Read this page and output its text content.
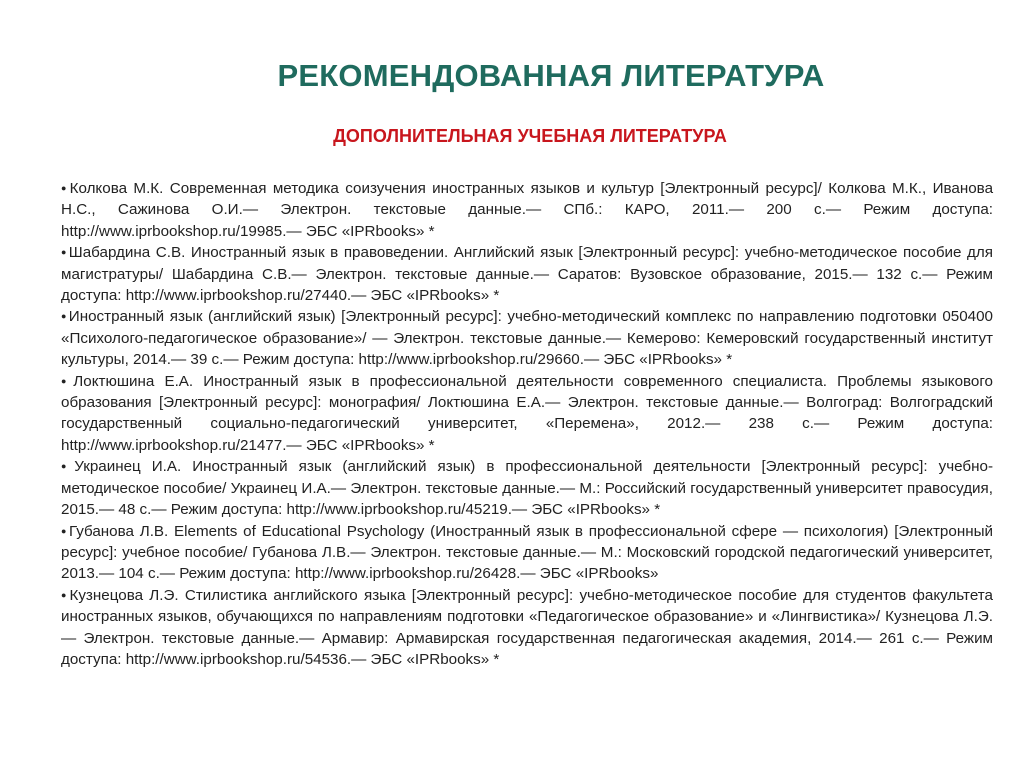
РЕКОМЕНДОВАННАЯ ЛИТЕРАТУРА
ДОПОЛНИТЕЛЬНАЯ УЧЕБНАЯ ЛИТЕРАТУРА
●Колкова М.К. Современная методика соизучения иностранных языков и культур [Электронный ресурс]/ Колкова М.К., Иванова Н.С., Сажинова О.И.— Электрон. текстовые данные.— СПб.: КАРО, 2011.— 200 с.— Режим доступа: http://www.iprbookshop.ru/19985.— ЭБС «IPRbooks» *
●Шабардина С.В. Иностранный язык в правоведении. Английский язык [Электронный ресурс]: учебно-методическое пособие для магистратуры/ Шабардина С.В.— Электрон. текстовые данные.— Саратов: Вузовское образование, 2015.— 132 с.— Режим доступа: http://www.iprbookshop.ru/27440.— ЭБС «IPRbooks» *
●Иностранный язык (английский язык) [Электронный ресурс]: учебно-методический комплекс по направлению подготовки 050400 «Психолого-педагогическое образование»/ — Электрон. текстовые данные.— Кемерово: Кемеровский государственный институт культуры, 2014.— 39 с.— Режим доступа: http://www.iprbookshop.ru/29660.— ЭБС «IPRbooks» *
●Локтюшина Е.А. Иностранный язык в профессиональной деятельности современного специалиста. Проблемы языкового образования [Электронный ресурс]: монография/ Локтюшина Е.А.— Электрон. текстовые данные.— Волгоград: Волгоградский государственный социально-педагогический университет, «Перемена», 2012.— 238 с.— Режим доступа: http://www.iprbookshop.ru/21477.— ЭБС «IPRbooks» *
●Украинец И.А. Иностранный язык (английский язык) в профессиональной деятельности [Электронный ресурс]: учебно-методическое пособие/ Украинец И.А.— Электрон. текстовые данные.— М.: Российский государственный университет правосудия, 2015.— 48 с.— Режим доступа: http://www.iprbookshop.ru/45219.— ЭБС «IPRbooks» *
●Губанова Л.В. Elements of Educational Psychology (Иностранный язык в профессиональной сфере — психология) [Электронный ресурс]: учебное пособие/ Губанова Л.В.— Электрон. текстовые данные.— М.: Московский городской педагогический университет, 2013.— 104 с.— Режим доступа: http://www.iprbookshop.ru/26428.— ЭБС «IPRbooks»
●Кузнецова Л.Э. Стилистика английского языка [Электронный ресурс]: учебно-методическое пособие для студентов факультета иностранных языков, обучающихся по направлениям подготовки «Педагогическое образование» и «Лингвистика»/ Кузнецова Л.Э.— Электрон. текстовые данные.— Армавир: Армавирская государственная педагогическая академия, 2014.— 261 с.— Режим доступа: http://www.iprbookshop.ru/54536.— ЭБС «IPRbooks» *
